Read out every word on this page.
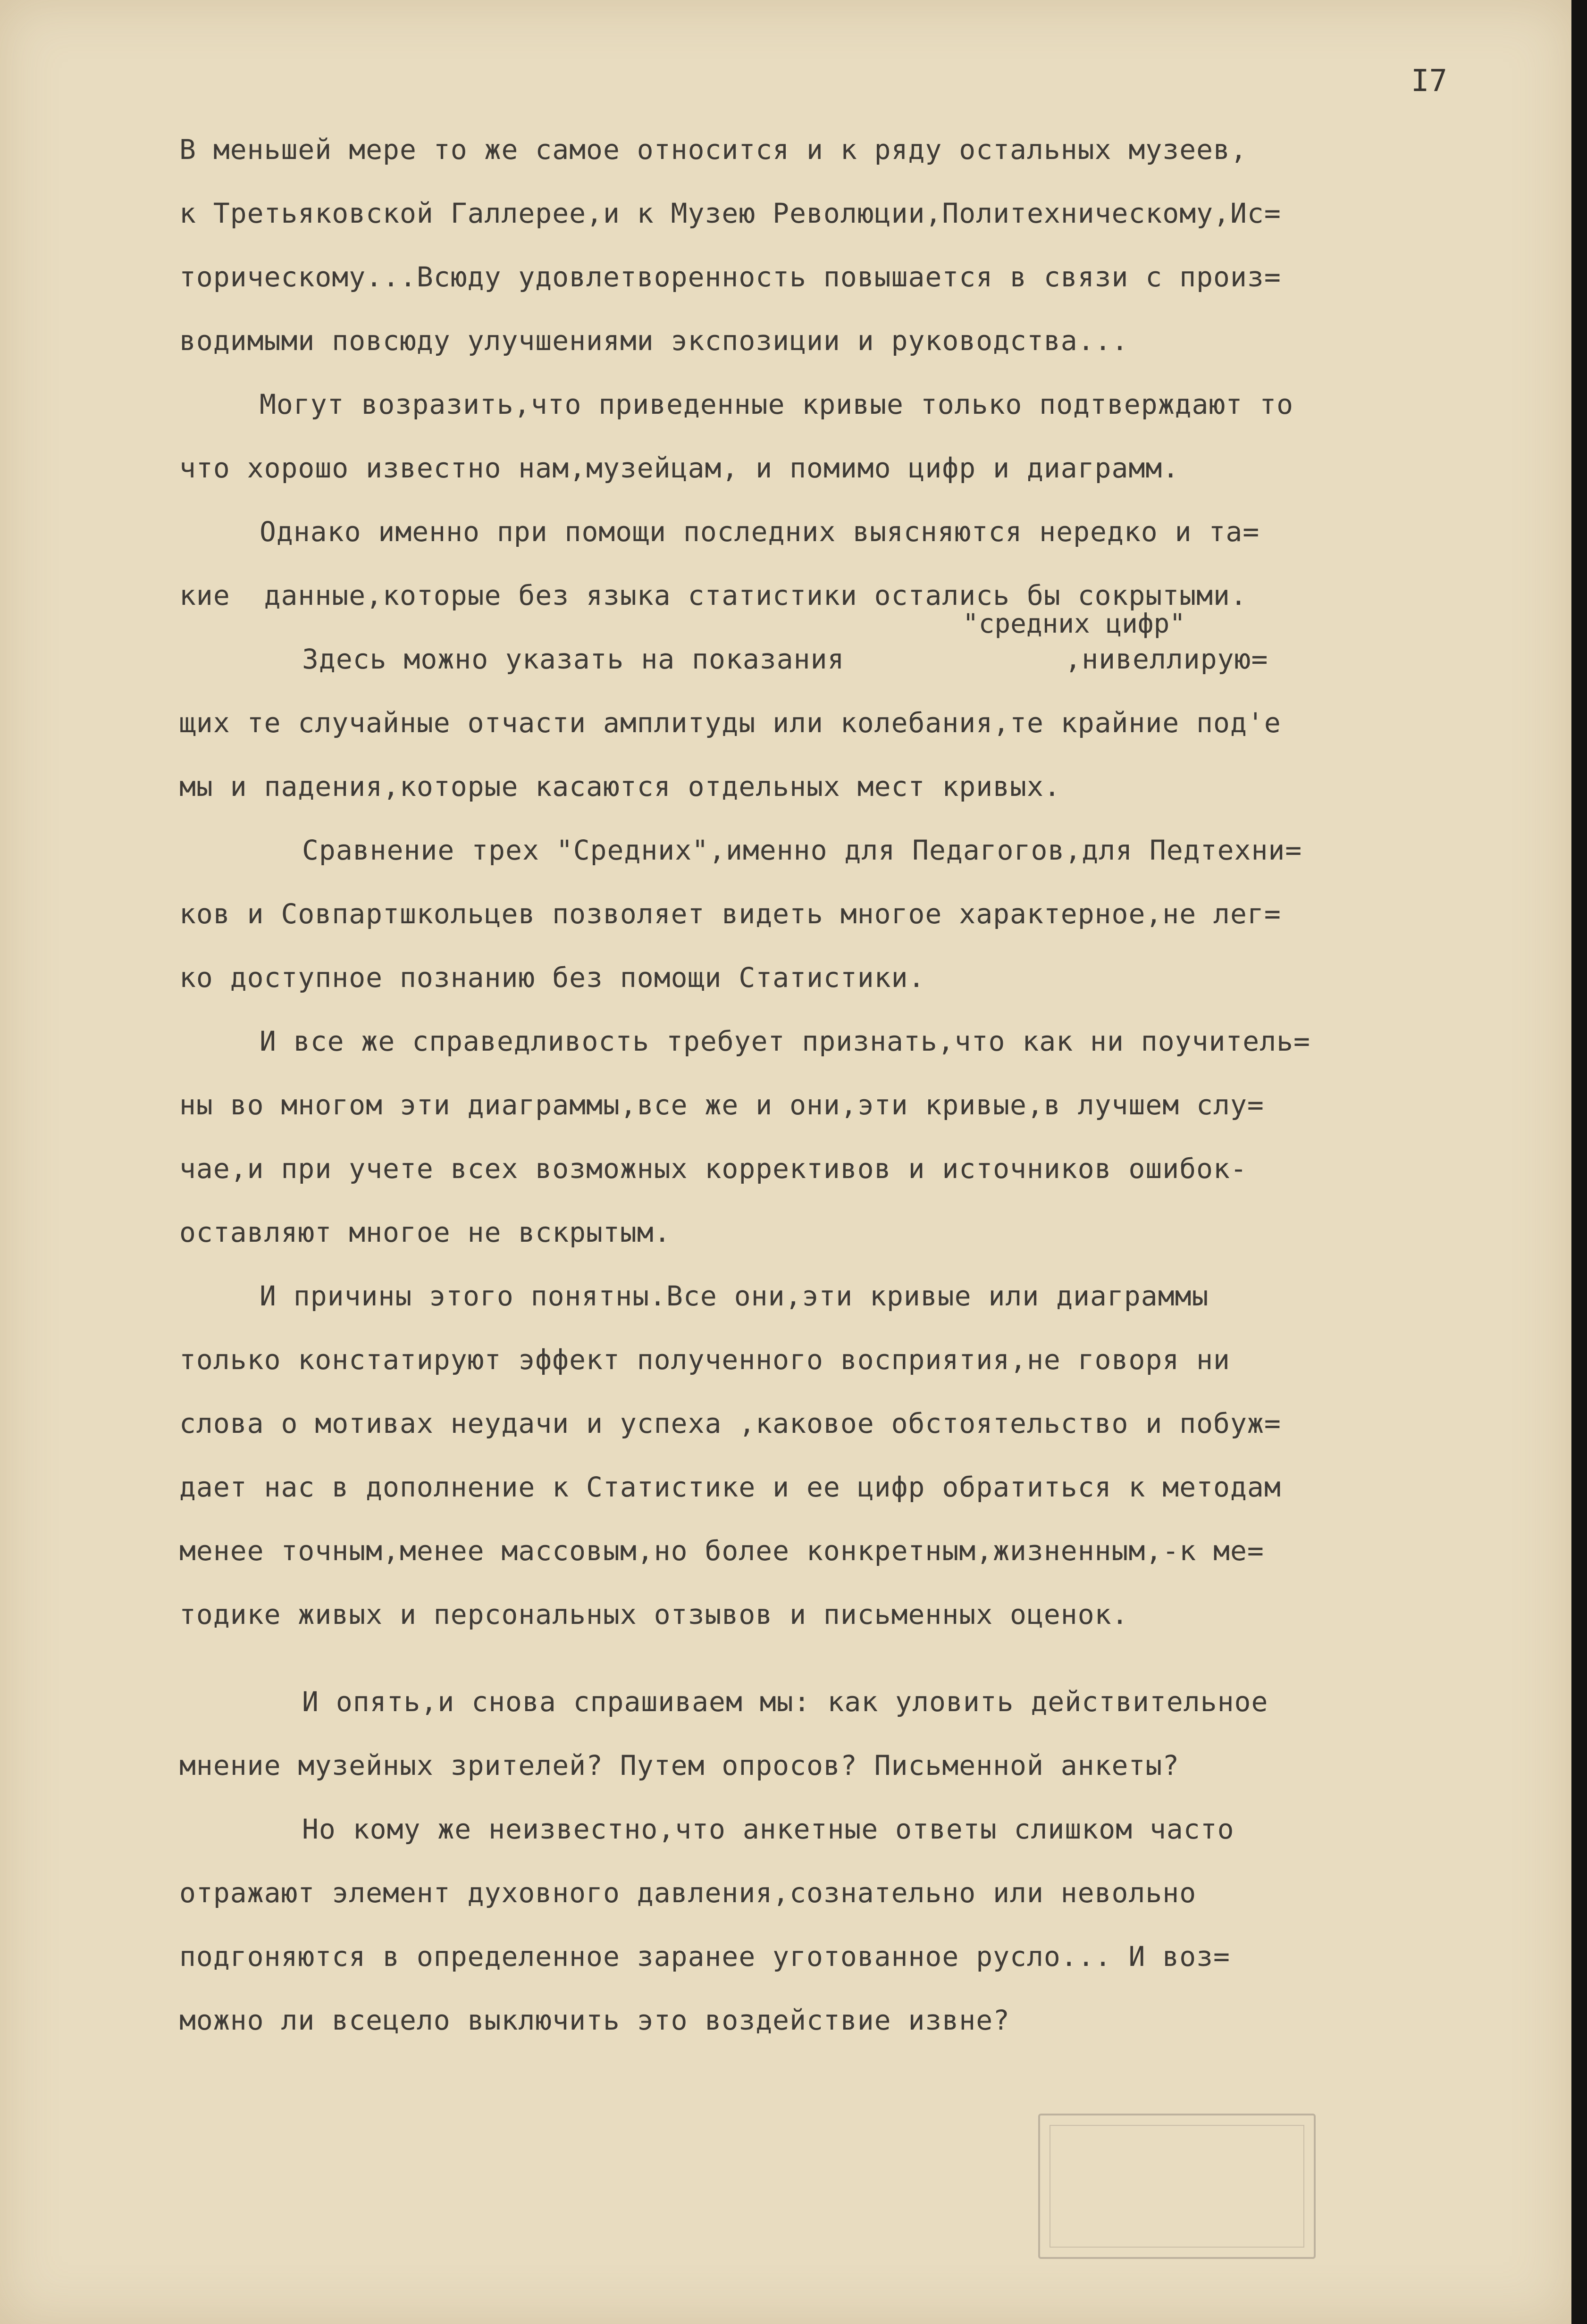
I7
"средних цифр"
В меньшей мере то же самое относится и к ряду остальных музеев,
к Третьяковской Галлерее,и к Музею Революции,Политехническому,Ис=
торическому...Всюду удовлетворенность повышается в связи с произ=
водимыми повсюду улучшениями экспозиции и руководства...
Могут возразить,что приведенные кривые только подтверждают то
что хорошо известно нам,музейцам, и помимо цифр и диаграмм.
Однако именно при помощи последних выясняются нередко и та=
кие  данные,которые без языка статистики остались бы сокрытыми.
Здесь можно указать на показания             ,нивеллирую=
щих те случайные отчасти амплитуды или колебания,те крайние под'е
мы и падения,которые касаются отдельных мест кривых.
Сравнение трех "Средних",именно для Педагогов,для Педтехни=
ков и Совпартшкольцев позволяет видеть многое характерное,не лег=
ко доступное познанию без помощи Статистики.
И все же справедливость требует признать,что как ни поучитель=
ны во многом эти диаграммы,все же и они,эти кривые,в лучшем слу=
чае,и при учете всех возможных коррективов и источников ошибок-
оставляют многое не вскрытым.
И причины этого понятны.Все они,эти кривые или диаграммы
только констатируют эффект полученного восприятия,не говоря ни
слова о мотивах неудачи и успеха ,каковое обстоятельство и побуж=
дает нас в дополнение к Статистике и ее цифр обратиться к методам
менее точным,менее массовым,но более конкретным,жизненным,-к ме=
тодике живых и персональных отзывов и письменных оценок.
И опять,и снова спрашиваем мы: как уловить действительное
мнение музейных зрителей? Путем опросов? Письменной анкеты?
Но кому же неизвестно,что анкетные ответы слишком часто
отражают элемент духовного давления,сознательно или невольно
подгоняются в определенное заранее уготованное русло... И воз=
можно ли всецело выключить это воздействие извне?
